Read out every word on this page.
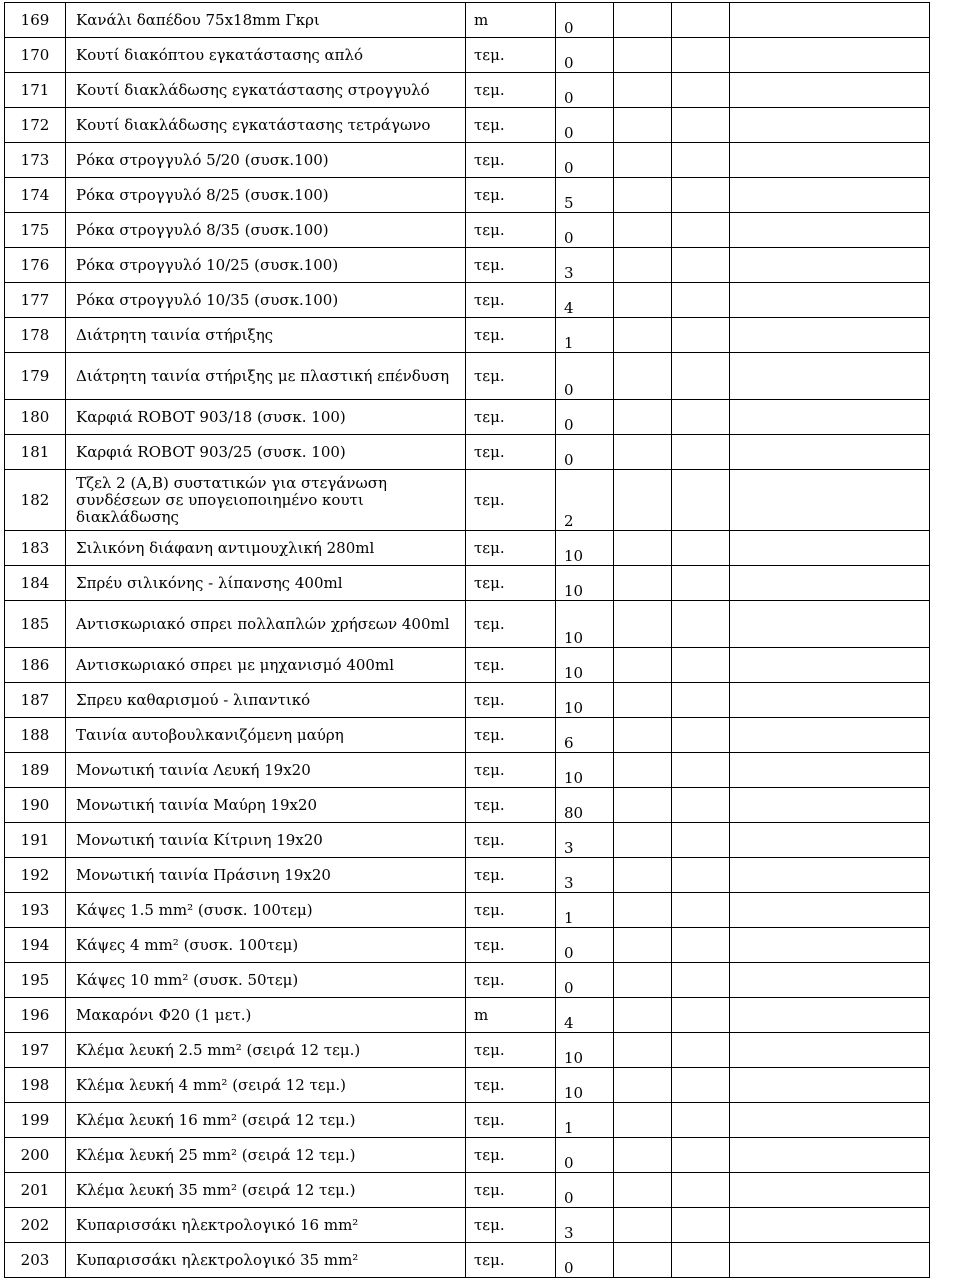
169	Κανάλι δαπέδου 75x18mm Γκρι	m	0			
170	Κουτί διακόπτου εγκατάστασης απλό	τεμ.	0			
171	Κουτί διακλάδωσης εγκατάστασης στρογγυλό	τεμ.	0			
172	Κουτί διακλάδωσης εγκατάστασης τετράγωνο	τεμ.	0			
173	Ρόκα στρογγυλό 5/20 (συσκ.100)	τεμ.	0			
174	Ρόκα στρογγυλό 8/25 (συσκ.100)	τεμ.	5			
175	Ρόκα στρογγυλό 8/35 (συσκ.100)	τεμ.	0			
176	Ρόκα στρογγυλό 10/25 (συσκ.100)	τεμ.	3			
177	Ρόκα στρογγυλό 10/35 (συσκ.100)	τεμ.	4			
178	Διάτρητη ταινία στήριξης	τεμ.	1			
179	Διάτρητη ταινία στήριξης με πλαστική επένδυση	τεμ.	0			
180	Καρφιά ROBOT 903/18 (συσκ. 100)	τεμ.	0			
181	Καρφιά ROBOT 903/25 (συσκ. 100)	τεμ.	0			
182	Τζελ 2 (Α,Β) συστατικών για στεγάνωση συνδέσεων σε υπογειοποιημένο κουτι διακλάδωσης	τεμ.	2			
183	Σιλικόνη διάφανη αντιμουχλική 280ml	τεμ.	10			
184	Σπρέυ σιλικόνης - λίπανσης 400ml	τεμ.	10			
185	Αντισκωριακό σπρει πολλαπλών χρήσεων 400ml	τεμ.	10			
186	Αντισκωριακό σπρει με μηχανισμό 400ml	τεμ.	10			
187	Σπρευ καθαρισμού - λιπαντικό	τεμ.	10			
188	Ταινία αυτοβουλκανιζόμενη μαύρη	τεμ.	6			
189	Μονωτική ταινία Λευκή 19x20	τεμ.	10			
190	Μονωτική ταινία Μαύρη 19x20	τεμ.	80			
191	Μονωτική ταινία Κίτρινη 19x20	τεμ.	3			
192	Μονωτική ταινία Πράσινη 19x20	τεμ.	3			
193	Κάψες 1.5 mm² (συσκ. 100τεμ)	τεμ.	1			
194	Κάψες 4 mm² (συσκ. 100τεμ)	τεμ.	0			
195	Κάψες 10 mm² (συσκ. 50τεμ)	τεμ.	0			
196	Μακαρόνι Φ20 (1 μετ.)	m	4			
197	Κλέμα λευκή 2.5 mm² (σειρά 12 τεμ.)	τεμ.	10			
198	Κλέμα λευκή 4 mm² (σειρά 12 τεμ.)	τεμ.	10			
199	Κλέμα λευκή 16 mm² (σειρά 12 τεμ.)	τεμ.	1			
200	Κλέμα λευκή 25 mm² (σειρά 12 τεμ.)	τεμ.	0			
201	Κλέμα λευκή 35 mm² (σειρά 12 τεμ.)	τεμ.	0			
202	Κυπαρισσάκι ηλεκτρολογικό 16 mm²	τεμ.	3			
203	Κυπαρισσάκι ηλεκτρολογικό 35 mm²	τεμ.	0			
